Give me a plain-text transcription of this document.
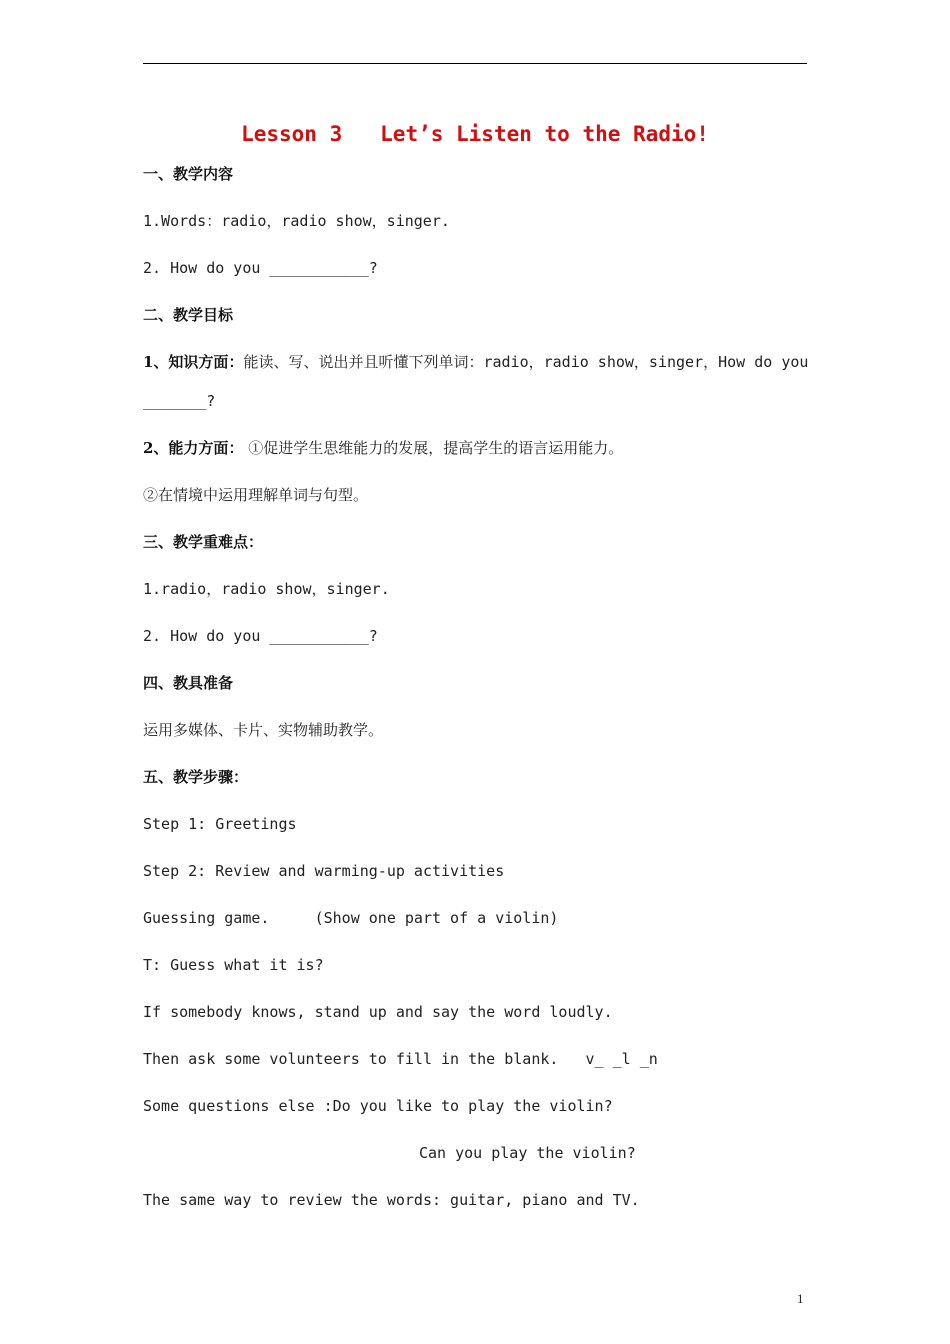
Lesson 3   Let’s Listen to the Radio!
一、教学内容
1.Words：radio，radio show，singer.
2. How do you ___________?
二、教学目标
1、知识方面：能读、写、说出并且听懂下列单词：radio，radio show，singer，How do you
_______?
2、能力方面： ①促进学生思维能力的发展，提高学生的语言运用能力。
②在情境中运用理解单词与句型。
三、教学重难点：
1.radio，radio show，singer.
2. How do you ___________?
四、教具准备
运用多媒体、卡片、实物辅助教学。
五、教学步骤：
Step 1: Greetings
Step 2: Review and warming-up activities
Guessing game.     (Show one part of a violin)
T: Guess what it is?
If somebody knows, stand up and say the word loudly.
Then ask some volunteers to fill in the blank.   v_ _l _n
Some questions else :Do you like to play the violin?
Can you play the violin?
The same way to review the words: guitar, piano and TV.
1
